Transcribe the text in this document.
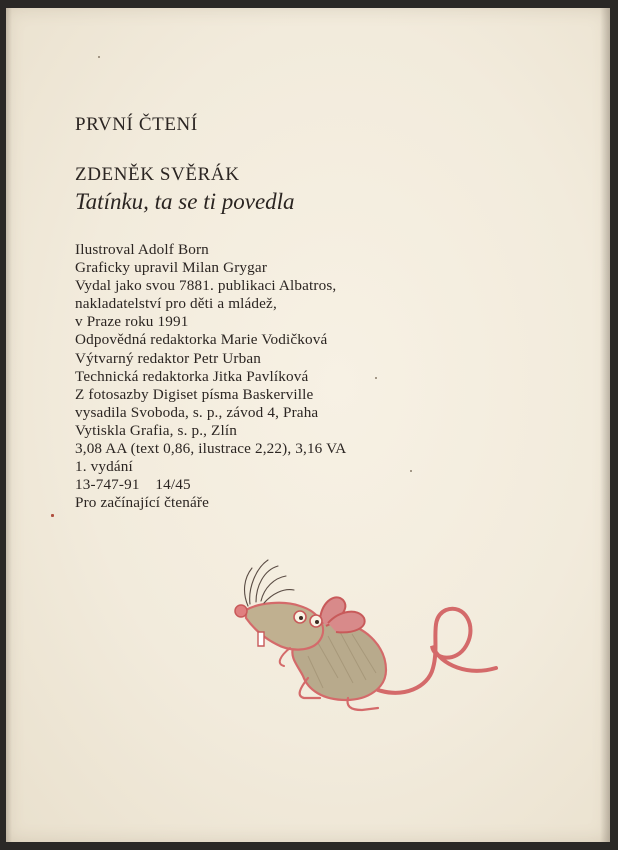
PRVNÍ ČTENÍ
ZDENĚK SVĚRÁK
Tatínku, ta se ti povedla
Ilustroval Adolf Born
Graficky upravil Milan Grygar
Vydal jako svou 7881. publikaci Albatros,
nakladatelství pro děti a mládež,
v Praze roku 1991
Odpovědná redaktorka Marie Vodičková
Výtvarný redaktor Petr Urban
Technická redaktorka Jitka Pavlíková
Z fotosazby Digiset písma Baskerville
vysadila Svoboda, s. p., závod 4, Praha
Vytiskla Grafia, s. p., Zlín
3,08 AA (text 0,86, ilustrace 2,22), 3,16 VA
1. vydání
13-747-91    14/45
Pro začínající čtenáře
